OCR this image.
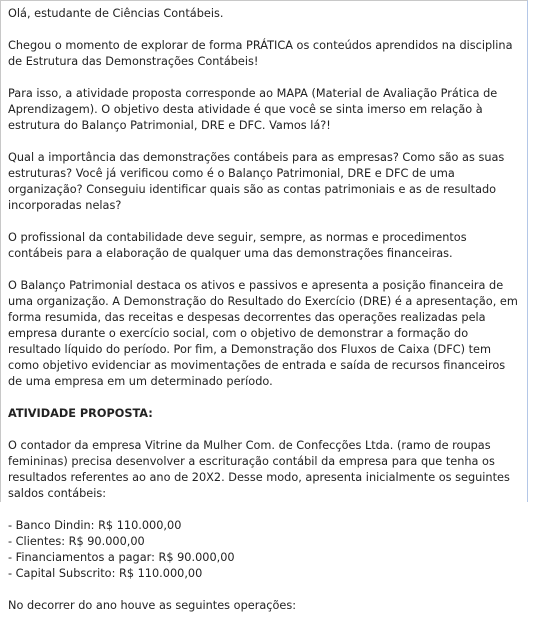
Olá, estudante de Ciências Contábeis.

Chegou o momento de explorar de forma PRÁTICA os conteúdos aprendidos na disciplina de Estrutura das Demonstrações Contábeis!

Para isso, a atividade proposta corresponde ao MAPA (Material de Avaliação Prática de Aprendizagem). O objetivo desta atividade é que você se sinta imerso em relação à estrutura do Balanço Patrimonial, DRE e DFC. Vamos lá?!

Qual a importância das demonstrações contábeis para as empresas? Como são as suas estruturas? Você já verificou como é o Balanço Patrimonial, DRE e DFC de uma organização? Conseguiu identificar quais são as contas patrimoniais e as de resultado incorporadas nelas?

O profissional da contabilidade deve seguir, sempre, as normas e procedimentos contábeis para a elaboração de qualquer uma das demonstrações financeiras.

O Balanço Patrimonial destaca os ativos e passivos e apresenta a posição financeira de uma organização. A Demonstração do Resultado do Exercício (DRE) é a apresentação, em forma resumida, das receitas e despesas decorrentes das operações realizadas pela empresa durante o exercício social, com o objetivo de demonstrar a formação do resultado líquido do período. Por fim, a Demonstração dos Fluxos de Caixa (DFC) tem como objetivo evidenciar as movimentações de entrada e saída de recursos financeiros de uma empresa em um determinado período.

ATIVIDADE PROPOSTA:

O contador da empresa Vitrine da Mulher Com. de Confecções Ltda. (ramo de roupas femininas) precisa desenvolver a escrituração contábil da empresa para que tenha os resultados referentes ao ano de 20X2. Desse modo, apresenta inicialmente os seguintes saldos contábeis:

- Banco Dindin: R$ 110.000,00

- Clientes: R$ 90.000,00

- Financiamentos a pagar: R$ 90.000,00

- Capital Subscrito: R$ 110.000,00

No decorrer do ano houve as seguintes operações:
